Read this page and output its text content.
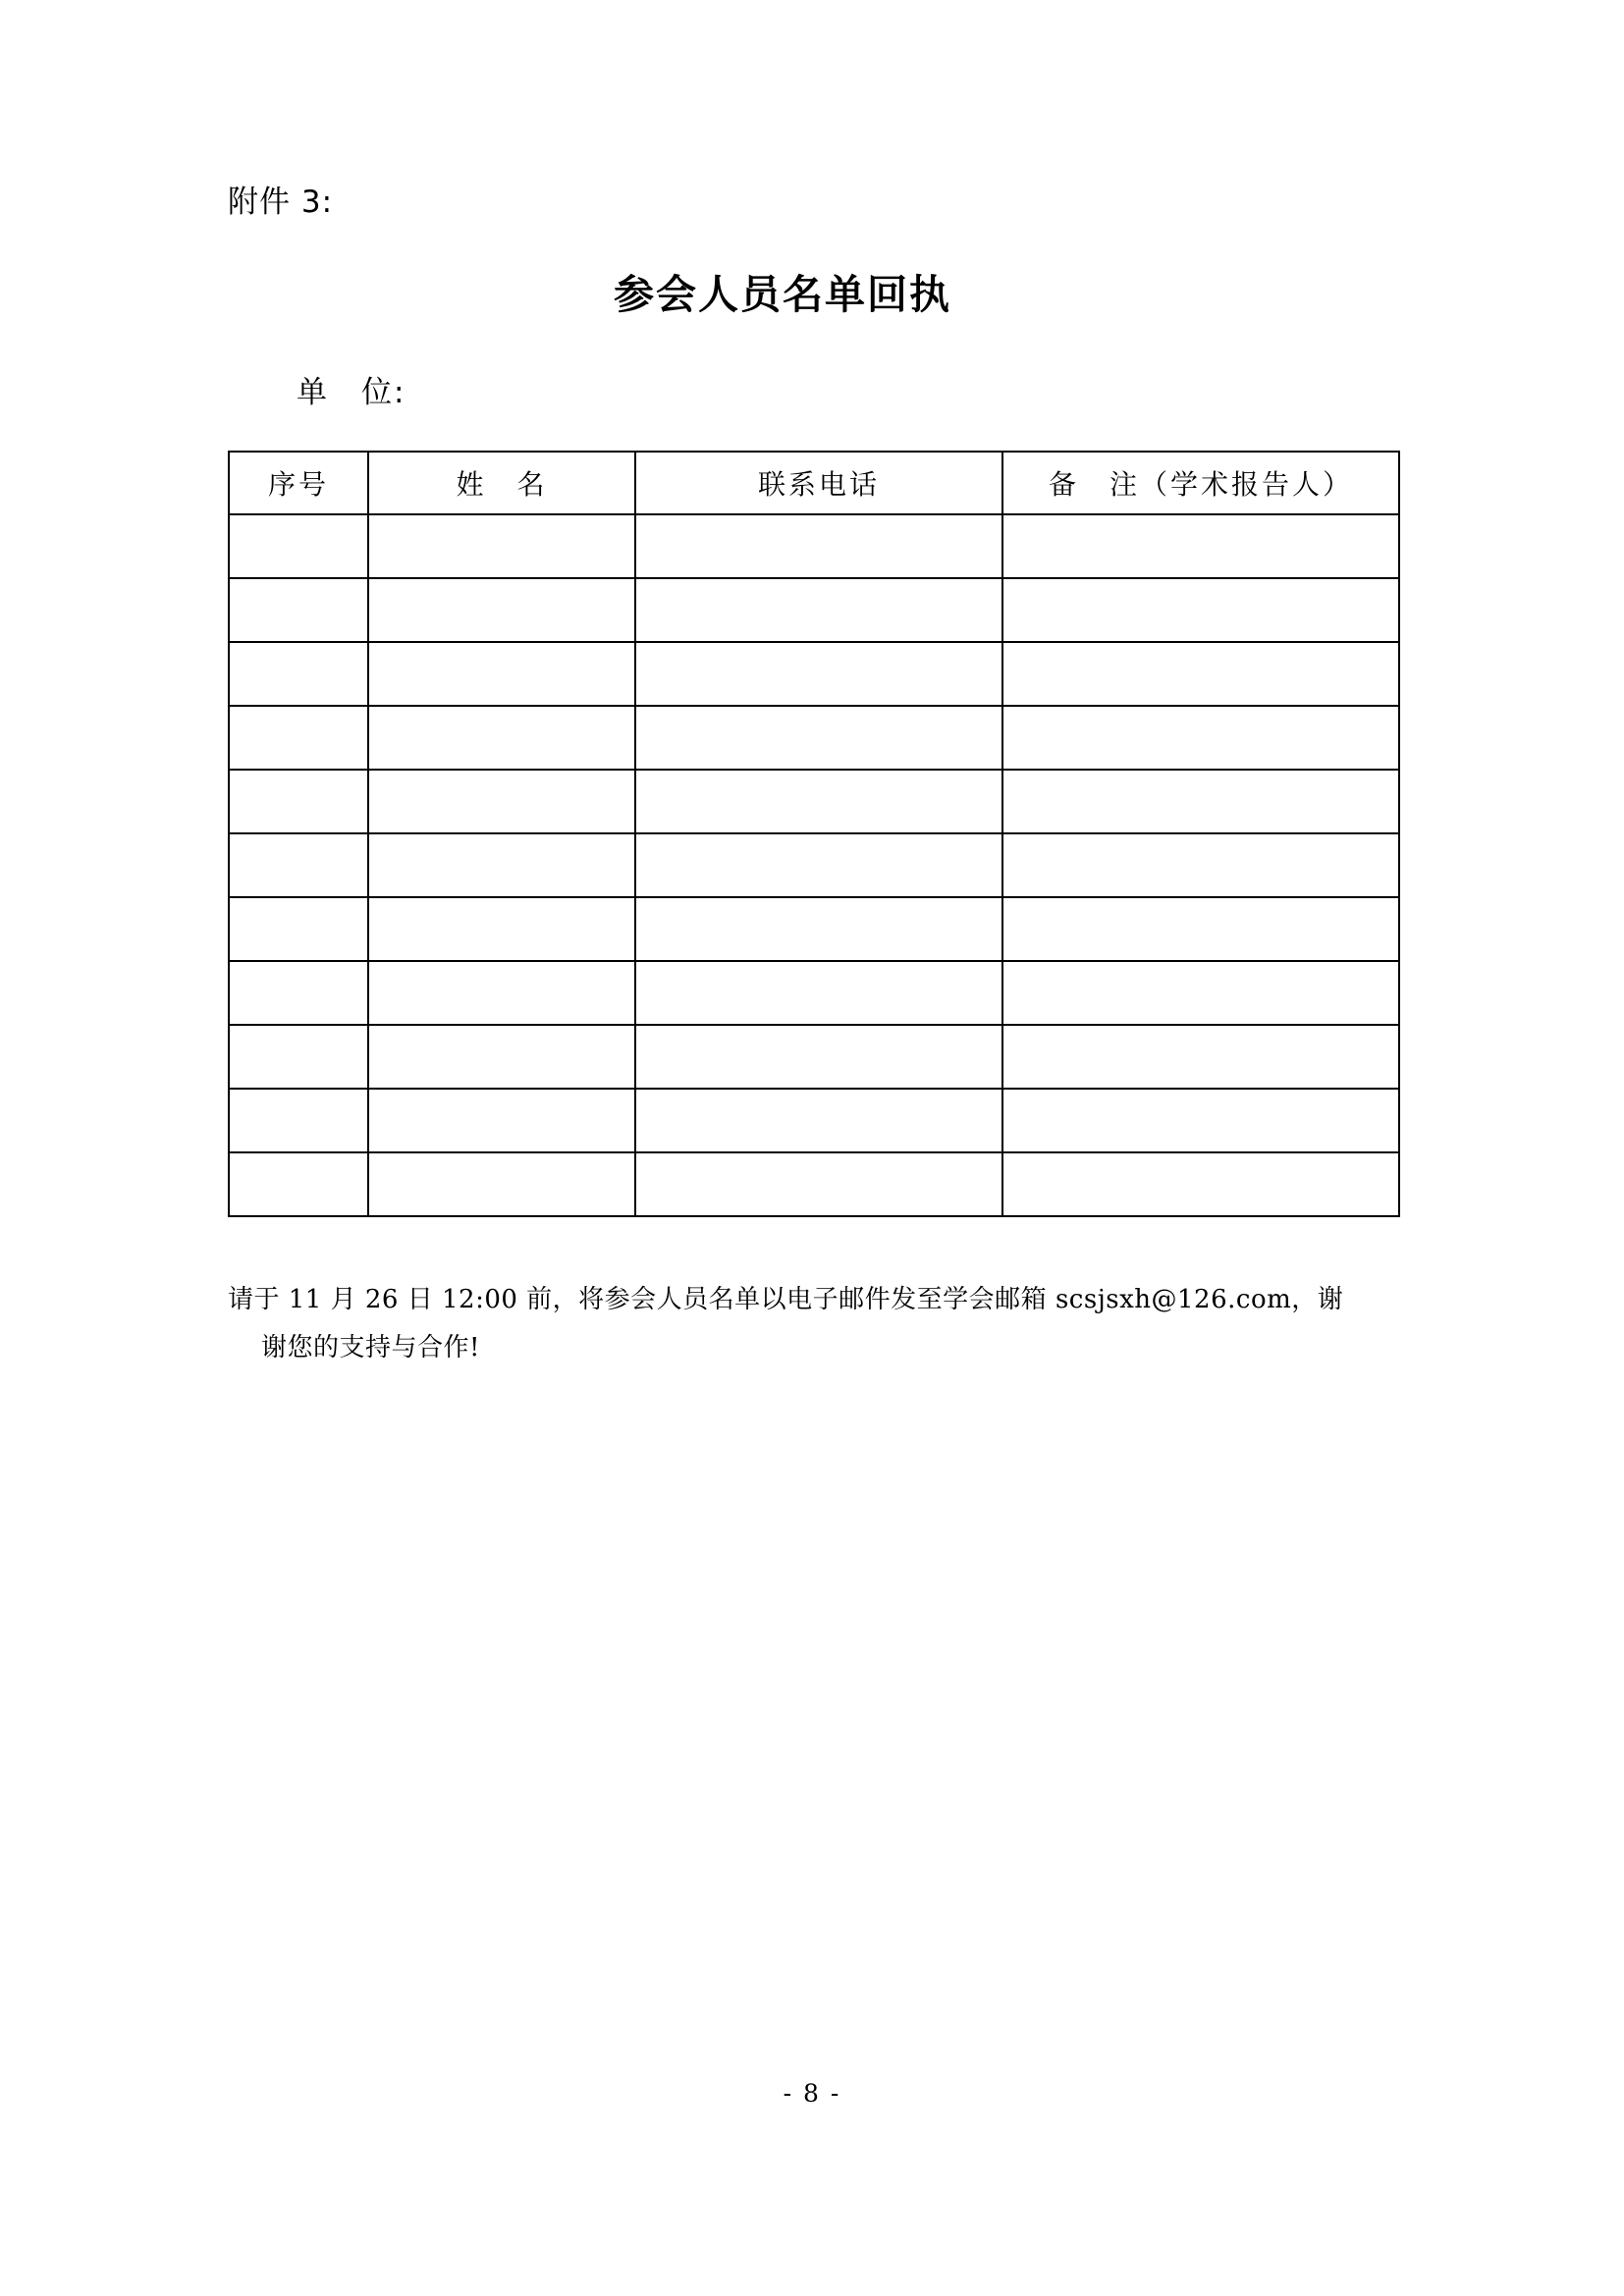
附件 3:
参会人员名单回执
单　位:
序号	姓　名	联系电话	备　注（学术报告人）

请于 11 月 26 日 12:00 前，将参会人员名单以电子邮件发至学会邮箱 scsjsxh@126.com，谢
谢您的支持与合作!

- 8 -
